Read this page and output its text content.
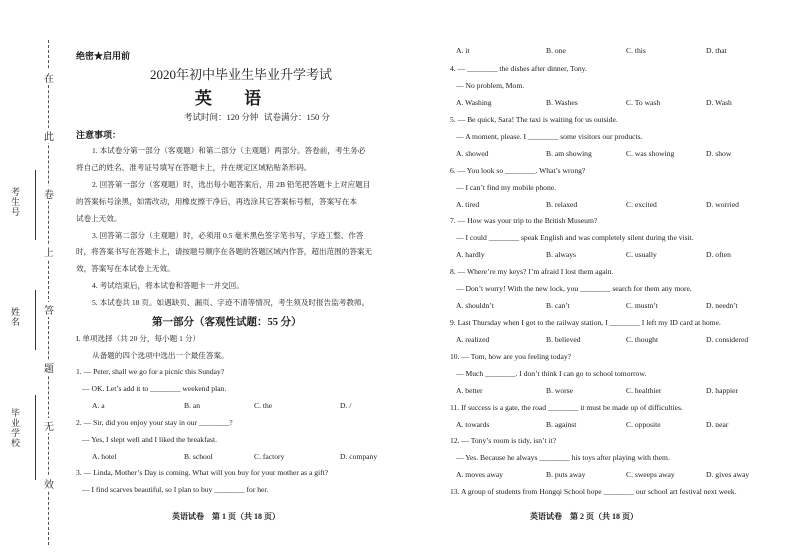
在
此
卷
上
答
题
无
效
考生号
姓名
毕业学校
绝密★启用前
2020年初中毕业生毕业升学考试
英 语
考试时间：120 分钟 试卷满分：150 分
注意事项：
1. 本试卷分第一部分（客观题）和第二部分（主观题）两部分。答卷前，考生务必
将自己的姓名、准考证号填写在答题卡上，并在规定区域粘贴条形码。
2. 回答第一部分（客观题）时，选出每小题答案后，用 2B 铅笔把答题卡上对应题目
的答案标号涂黑，如需改动，用橡皮擦干净后，再选涂其它答案标号框，答案写在本
试卷上无效。
3. 回答第二部分（主观题）时，必须用 0.5 毫米黑色签字笔书写，字迹工整、作答
时，将答案书写在答题卡上，请按题号顺序在各题的答题区域内作答，超出范围的答案无
效，答案写在本试卷上无效。
4. 考试结束后，将本试卷和答题卡一并交回。
5. 本试卷共 18 页。如遇缺页、漏页、字迹不清等情况，考生须及时报告监考教师。
第一部分（客观性试题：55 分）
I. 单项选择（共 20 分，每小题 1 分）
从备题的四个选项中选出一个最佳答案。
1. — Peter, shall we go for a picnic this Sunday?
— OK. Let’s add it to ________ weekend plan.
A. a	B. an	C. the	D. /
2. — Sir, did you enjoy your stay in our ________?
— Yes, I slept well and I liked the breakfast.
A. hotel	B. school	C. factory	D. company
3. — Linda, Mother’s Day is coming. What will you buy for your mother as a gift?
— I find scarves beautiful, so I plan to buy ________ for her.
英语试卷　第 1 页（共 18 页）
A. it	B. one	C. this	D. that
4. — ________ the dishes after dinner, Tony.
— No problem, Mom.
A. Washing	B. Washes	C. To wash	D. Wash
5. — Be quick, Sara! The taxi is waiting for us outside.
— A moment, please. I ________ some visitors our products.
A. showed	B. am showing	C. was showing	D. show
6. — You look so ________. What’s wrong?
— I can’t find my mobile phone.
A. tired	B. relaxed	C. excited	D. worried
7. — How was your trip to the British Museum?
— I could ________ speak English and was completely silent during the visit.
A. hardly	B. always	C. usually	D. often
8. — Where’re my keys? I’m afraid I lost them again.
— Don’t worry! With the new lock, you ________ search for them any more.
A. shouldn’t	B. can’t	C. mustn’t	D. needn’t
9. Last Thursday when I got to the railway station, I ________ I left my ID card at home.
A. realized	B. believed	C. thought	D. considered
10. — Tom, how are you feeling today?
— Much ________. I don’t think I can go to school tomorrow.
A. better	B. worse	C. healthier	D. happier
11. If success is a gate, the road ________ it must be made up of difficulties.
A. towards	B. against	C. opposite	D. near
12. — Tony’s room is tidy, isn’t it?
— Yes. Because he always ________ his toys after playing with them.
A. moves away	B. puts away	C. sweeps away	D. gives away
13. A group of students from Hongqi School hope ________ our school art festival next week.
英语试卷　第 2 页（共 18 页）
